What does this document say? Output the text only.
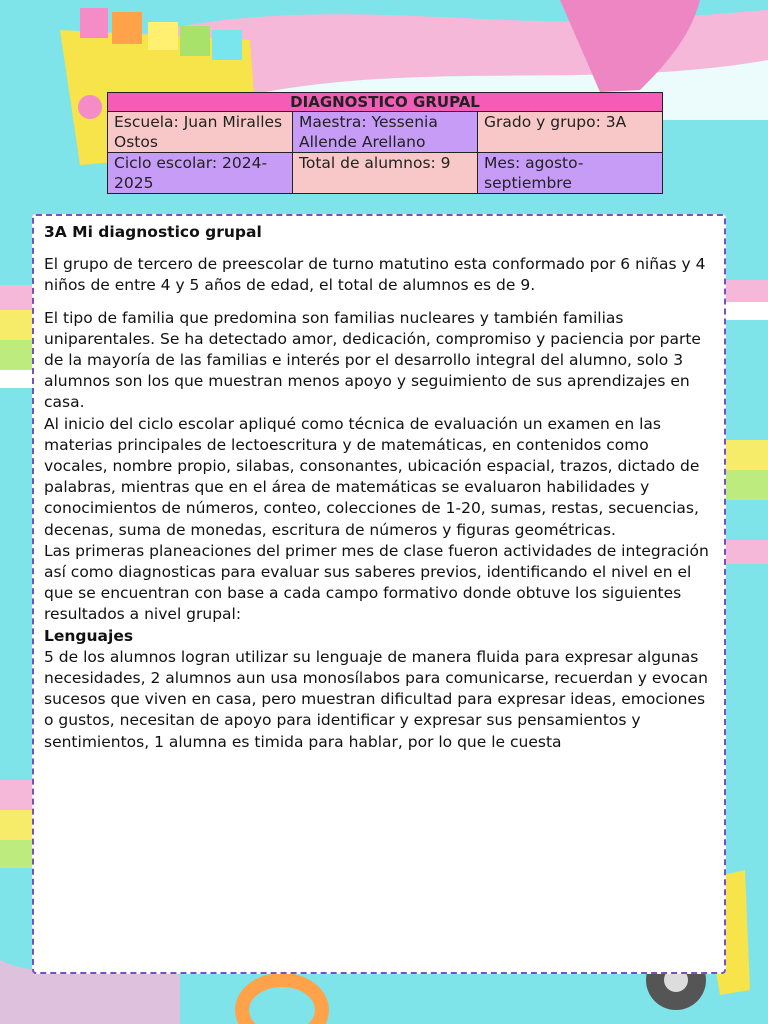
DIAGNOSTICO GRUPAL		
Escuela: Juan Miralles Ostos	Maestra: Yessenia Allende Arellano	Grado y grupo: 3A
Ciclo escolar: 2024-2025	Total de alumnos: 9	Mes: agosto-septiembre

3A Mi diagnostico grupal

El grupo de tercero de preescolar de turno matutino esta conformado por 6 niñas y 4 niños de entre 4 y 5 años de edad, el total de alumnos es de 9.

El tipo de familia que predomina son familias nucleares y también familias uniparentales. Se ha detectado amor, dedicación, compromiso y paciencia por parte de la mayoría de las familias e interés por el desarrollo integral del alumno, solo 3 alumnos son los que muestran menos apoyo y seguimiento de sus aprendizajes en casa.

Al inicio del ciclo escolar apliqué como técnica de evaluación un examen en las materias principales de lectoescritura y de matemáticas, en contenidos como vocales, nombre propio, silabas, consonantes, ubicación espacial, trazos, dictado de palabras, mientras que en el área de matemáticas se evaluaron habilidades y conocimientos de números, conteo, colecciones de 1-20, sumas, restas, secuencias, decenas, suma de monedas, escritura de números y figuras geométricas.

Las primeras planeaciones del primer mes de clase fueron actividades de integración así como diagnosticas para evaluar sus saberes previos, identificando el nivel en el que se encuentran con base a cada campo formativo donde obtuve los siguientes resultados a nivel grupal:

Lenguajes

5 de los alumnos logran utilizar su lenguaje de manera fluida para expresar algunas necesidades, 2 alumnos aun usa monosílabos para comunicarse, recuerdan y evocan sucesos que viven en casa, pero muestran dificultad para expresar ideas, emociones o gustos, necesitan de apoyo para identificar y expresar sus pensamientos y sentimientos, 1 alumna es timida para hablar, por lo que le cuesta
